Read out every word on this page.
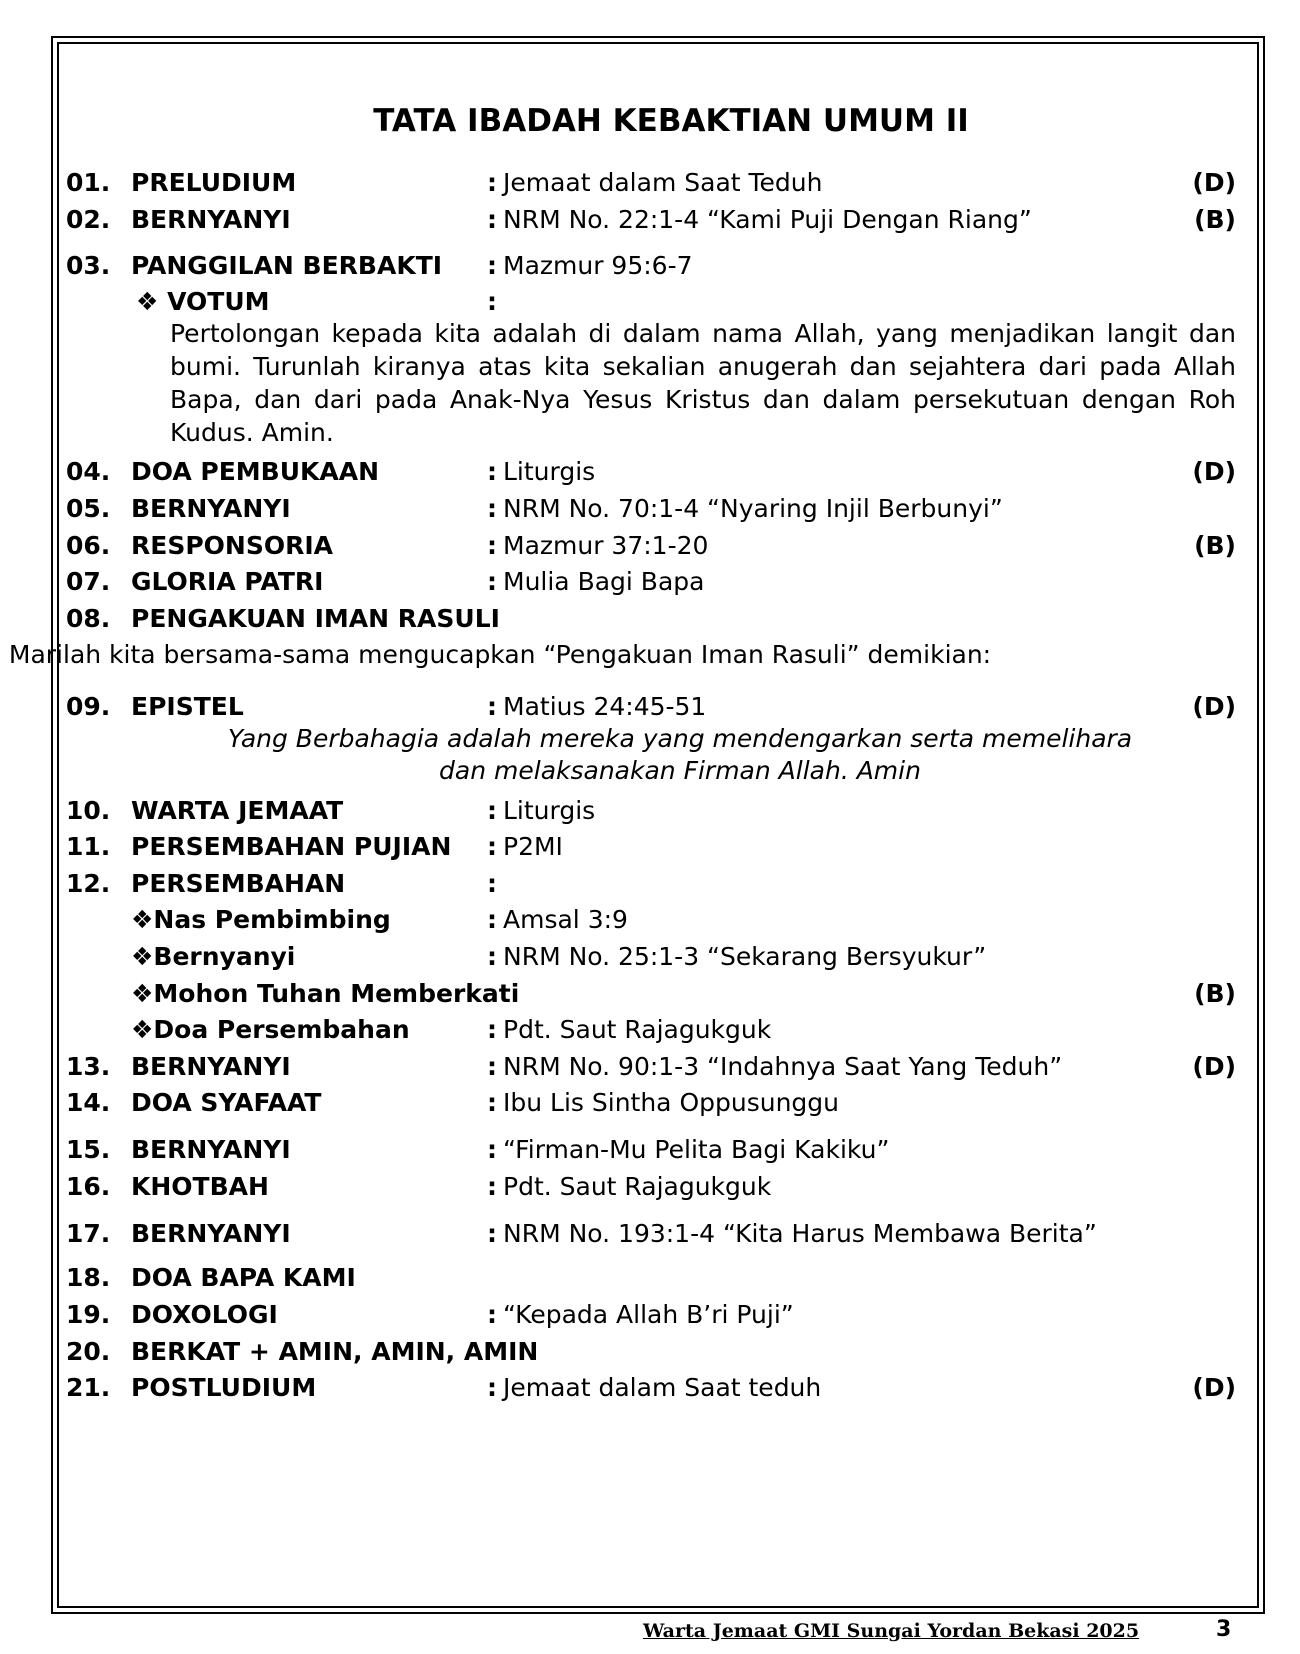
TATA IBADAH KEBAKTIAN UMUM II
01. PRELUDIUM	: Jemaat dalam Saat Teduh	(D)
02. BERNYANYI	: NRM No. 22:1-4 “Kami Puji Dengan Riang”	(B)
03. PANGGILAN BERBAKTI : Mazmur 95:6-7
❖ VOTUM	:
04. DOA PEMBUKAAN	: Liturgis	(D)
05. BERNYANYI	: NRM No. 70:1-4 “Nyaring Injil Berbunyi”
06. RESPONSORIA	: Mazmur 37:1-20	(B)
07. GLORIA PATRI	: Mulia Bagi Bapa
08. PENGAKUAN IMAN RASULI
09. EPISTEL	: Matius 24:45-51	(D)
10. WARTA JEMAAT	: Liturgis
11. PERSEMBAHAN PUJIAN : P2MI
12. PERSEMBAHAN	:
❖Nas Pembimbing	: Amsal 3:9
❖Bernyanyi	: NRM No. 25:1-3 “Sekarang Bersyukur”
❖Mohon Tuhan Memberkati	(B)
❖Doa Persembahan	: Pdt. Saut Rajagukguk
13. BERNYANYI	: NRM No. 90:1-3 “Indahnya Saat Yang Teduh”	(D)
14. DOA SYAFAAT	: Ibu Lis Sintha Oppusunggu
15. BERNYANYI	: “Firman-Mu Pelita Bagi Kakiku”
16. KHOTBAH	: Pdt. Saut Rajagukguk
17. BERNYANYI	: NRM No. 193:1-4 “Kita Harus Membawa Berita”
18. DOA BAPA KAMI
19. DOXOLOGI	: “Kepada Allah B’ri Puji”
20. BERKAT + AMIN, AMIN, AMIN
21. POSTLUDIUM	: Jemaat dalam Saat teduh	(D)
Pertolongan kepada kita adalah di dalam nama Allah, yang menjadikan langit dan bumi. Turunlah kiranya atas kita sekalian anugerah dan sejahtera dari pada Allah Bapa, dan dari pada Anak-Nya Yesus Kristus dan dalam persekutuan dengan Roh Kudus. Amin.
Marilah kita bersama-sama mengucapkan “Pengakuan Iman Rasuli” demikian:
Yang Berbahagia adalah mereka yang mendengarkan serta memelihara
dan melaksanakan Firman Allah. Amin
Warta Jemaat GMI Sungai Yordan Bekasi 2025	3
